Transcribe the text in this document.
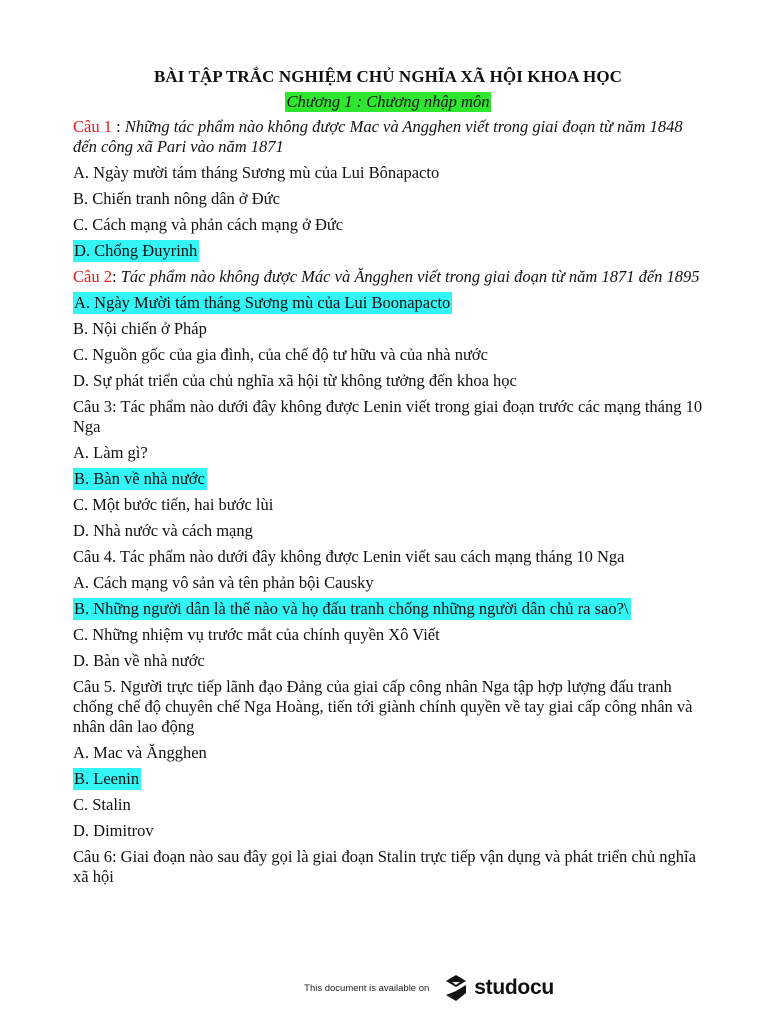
BÀI TẬP TRẮC NGHIỆM CHỦ NGHĨA XÃ HỘI KHOA HỌC

Chương 1 : Chương nhập môn
Câu 1 : Những tác phẩm nào không được Mac và Angghen viết trong giai đoạn từ năm 1848 đến công xã Pari vào năm 1871
A. Ngày mười tám tháng Sương mù của Lui Bônapacto
B. Chiến tranh nông dân ở Đức
C. Cách mạng và phản cách mạng ở Đức
D. Chống Đuyrinh
Câu 2: Tác phẩm nào không được Mác và Ăngghen viết trong giai đoạn từ năm 1871 đến 1895
A. Ngày Mười tám tháng Sương mù của Lui Boonapacto
B. Nội chiến ở Pháp
C. Nguồn gốc của gia đình, của chế độ tư hữu và của nhà nước
D. Sự phát triển của chủ nghĩa xã hội từ không tưởng đến khoa học
Câu 3: Tác phẩm nào dưới đây không được Lenin viết trong giai đoạn trước các mạng tháng 10 Nga
A. Làm gì?
B. Bàn về nhà nước
C. Một bước tiến, hai bước lùi
D. Nhà nước và cách mạng
Câu 4. Tác phẩm nào dưới đây không được Lenin viết sau cách mạng tháng 10 Nga
A. Cách mạng vô sản và tên phản bội Causky
B. Những người dân là thế nào và họ đấu tranh chống những người dân chủ ra sao?\
C. Những nhiệm vụ trước mắt của chính quyền Xô Viết
D. Bàn về nhà nước
Câu 5. Người trực tiếp lãnh đạo Đảng của giai cấp công nhân Nga tập hợp lượng đấu tranh chống chế độ chuyên chế Nga Hoàng, tiến tới giành chính quyền về tay giai cấp công nhân và nhân dân lao động
A. Mac và Ăngghen
B. Leenin
C. Stalin
D. Dimitrov
Câu 6: Giai đoạn nào sau đây gọi là giai đoạn Stalin trực tiếp vận dụng và phát triển chủ nghĩa xã hội
This document is available on studocu
